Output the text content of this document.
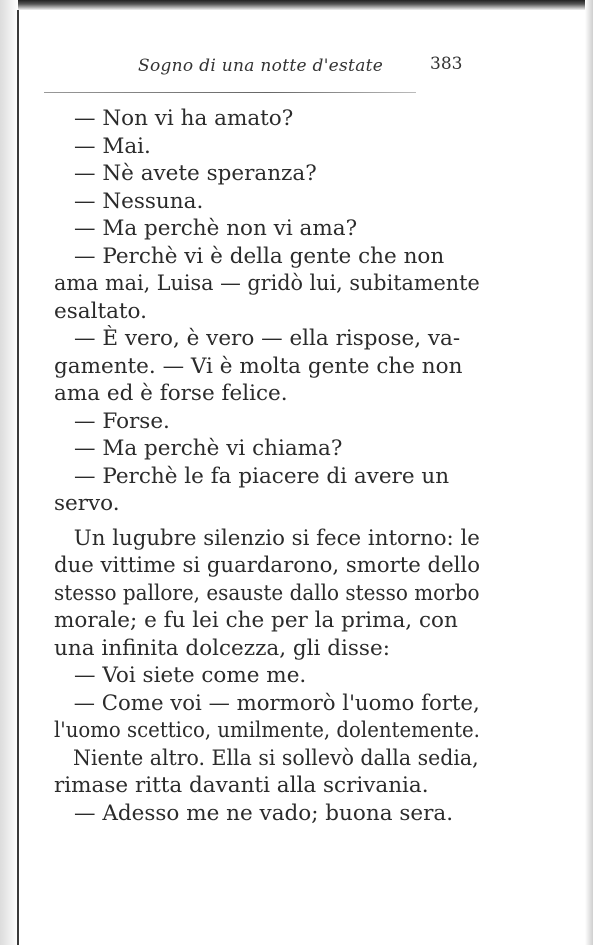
Sogno di una notte d'estate	383
— Non vi ha amato?
— Mai.
— Nè avete speranza?
— Nessuna.
— Ma perchè non vi ama?
— Perchè vi è della gente che non
ama mai, Luisa — gridò lui, subitamente
esaltato.
— È vero, è vero — ella rispose, va-
gamente. — Vi è molta gente che non
ama ed è forse felice.
— Forse.
— Ma perchè vi chiama?
— Perchè le fa piacere di avere un
servo.
Un lugubre silenzio si fece intorno: le
due vittime si guardarono, smorte dello
stesso pallore, esauste dallo stesso morbo
morale; e fu lei che per la prima, con
una infinita dolcezza, gli disse:
— Voi siete come me.
— Come voi — mormorò l'uomo forte,
l'uomo scettico, umilmente, dolentemente.
Niente altro. Ella si sollevò dalla sedia,
rimase ritta davanti alla scrivania.
— Adesso me ne vado; buona sera.
